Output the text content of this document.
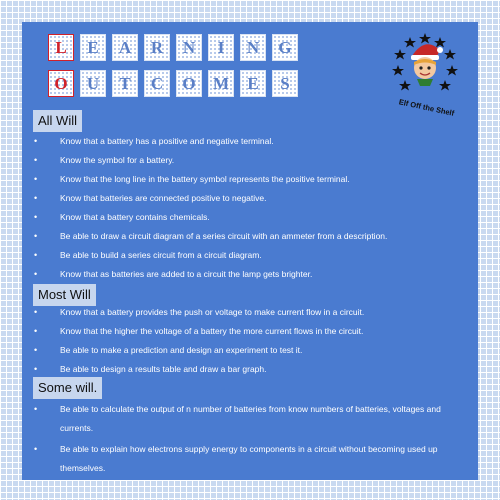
L	E	A	R	N	I	N	G
O	U	T	C	O	M	E	S
Elf Off the Shelf
All Will
• Know that a battery has a positive and negative terminal.
• Know the symbol for a battery.
• Know that the long line in the battery symbol represents the positive terminal.
• Know that batteries are connected positive to negative.
• Know that a battery contains chemicals.
• Be able to draw a circuit diagram of a series circuit with an ammeter from a description.
• Be able to build a series circuit from a circuit diagram.
• Know that as batteries are added to a circuit the lamp gets brighter.
Most Will
• Know that a battery provides the push or voltage to make current flow in a circuit.
• Know that the higher the voltage of a battery the more current flows in the circuit.
• Be able to make a prediction and design an experiment to test it.
• Be able to design a results table and draw a bar graph.
Some will.
• Be able to calculate the output of n number of batteries from know numbers of batteries, voltages and currents.
• Be able to explain how electrons supply energy to components in a circuit without becoming used up themselves.
